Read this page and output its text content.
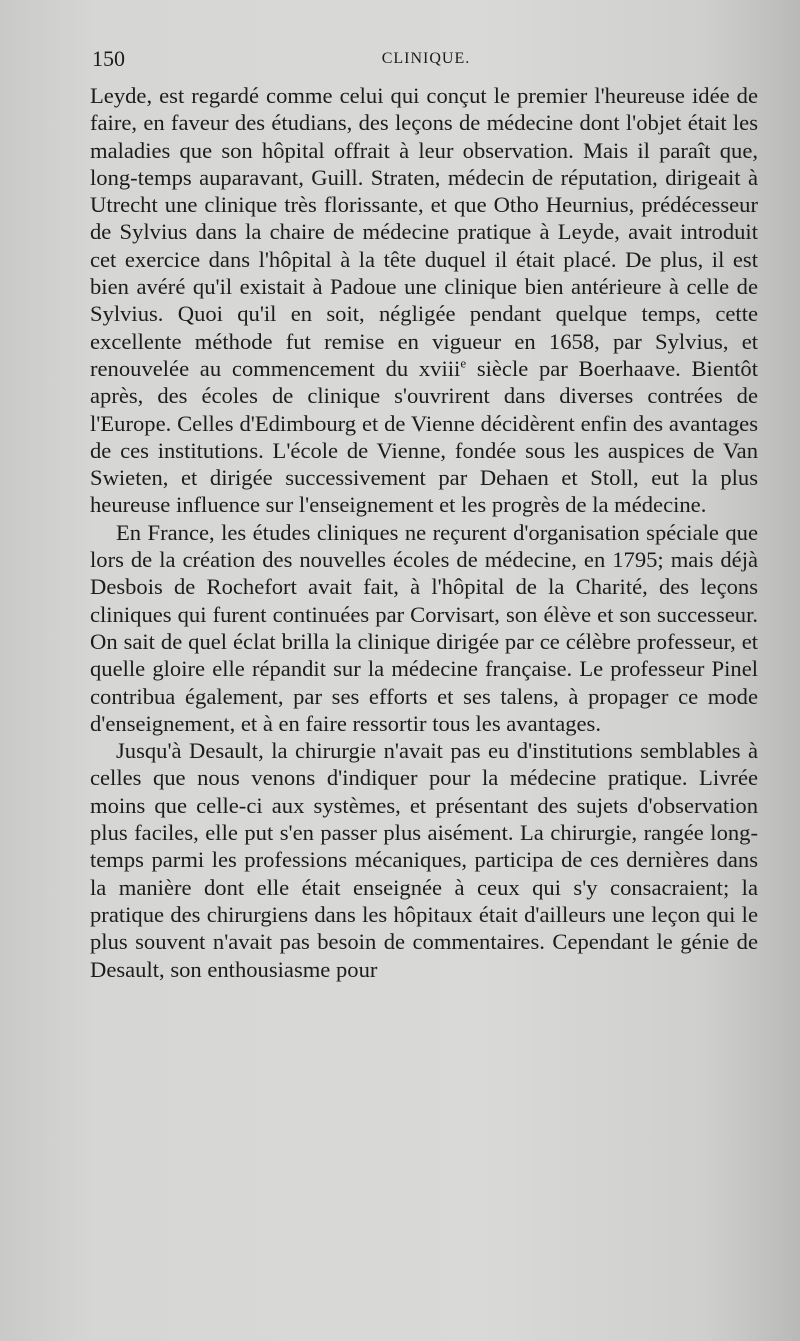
150	CLINIQUE.

Leyde, est regardé comme celui qui conçut le premier l'heureuse idée de faire, en faveur des étudians, des leçons de médecine dont l'objet était les maladies que son hôpital offrait à leur observation. Mais il paraît que, long-temps auparavant, Guill. Straten, médecin de réputation, dirigeait à Utrecht une clinique très florissante, et que Otho Heurnius, prédécesseur de Sylvius dans la chaire de médecine pratique à Leyde, avait introduit cet exercice dans l'hôpital à la tête duquel il était placé. De plus, il est bien avéré qu'il existait à Padoue une clinique bien antérieure à celle de Sylvius. Quoi qu'il en soit, négligée pendant quelque temps, cette excellente méthode fut remise en vigueur en 1658, par Sylvius, et renouvelée au commencement du xviii$^e$ siècle par Boerhaave. Bientôt après, des écoles de clinique s'ouvrirent dans diverses contrées de l'Europe. Celles d'Edimbourg et de Vienne décidèrent enfin des avantages de ces institutions. L'école de Vienne, fondée sous les auspices de Van Swieten, et dirigée successivement par Dehaen et Stoll, eut la plus heureuse influence sur l'enseignement et les progrès de la médecine.

En France, les études cliniques ne reçurent d'organisation spéciale que lors de la création des nouvelles écoles de médecine, en 1795; mais déjà Desbois de Rochefort avait fait, à l'hôpital de la Charité, des leçons cliniques qui furent continuées par Corvisart, son élève et son successeur. On sait de quel éclat brilla la clinique dirigée par ce célèbre professeur, et quelle gloire elle répandit sur la médecine française. Le professeur Pinel contribua également, par ses efforts et ses talens, à propager ce mode d'enseignement, et à en faire ressortir tous les avantages.

Jusqu'à Desault, la chirurgie n'avait pas eu d'institutions semblables à celles que nous venons d'indiquer pour la médecine pratique. Livrée moins que celle-ci aux systèmes, et présentant des sujets d'observation plus faciles, elle put s'en passer plus aisément. La chirurgie, rangée long-temps parmi les professions mécaniques, participa de ces dernières dans la manière dont elle était enseignée à ceux qui s'y consacraient; la pratique des chirurgiens dans les hôpitaux était d'ailleurs une leçon qui le plus souvent n'avait pas besoin de commentaires. Cependant le génie de Desault, son enthousiasme pour
